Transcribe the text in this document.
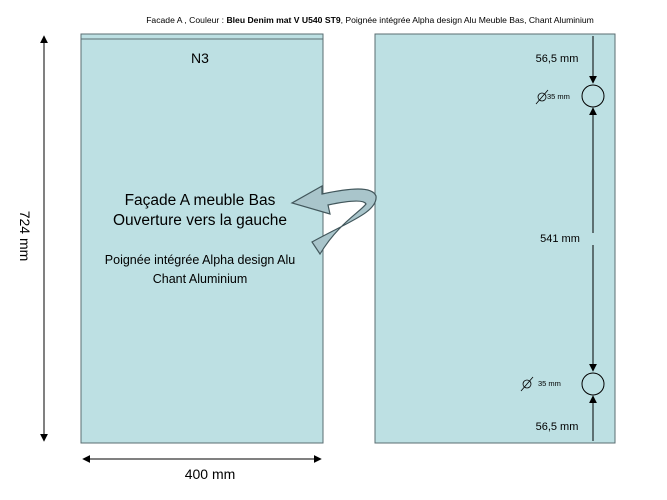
Facade A , Couleur : Bleu Denim mat V U540 ST9, Poignée intégrée Alpha design Alu Meuble Bas, Chant Aluminium
N3
Façade A meuble Bas
Ouverture vers la gauche
Poignée intégrée Alpha design Alu
Chant Aluminium
724 mm
400 mm
56,5 mm
541 mm
56,5 mm
35 mm
35 mm
